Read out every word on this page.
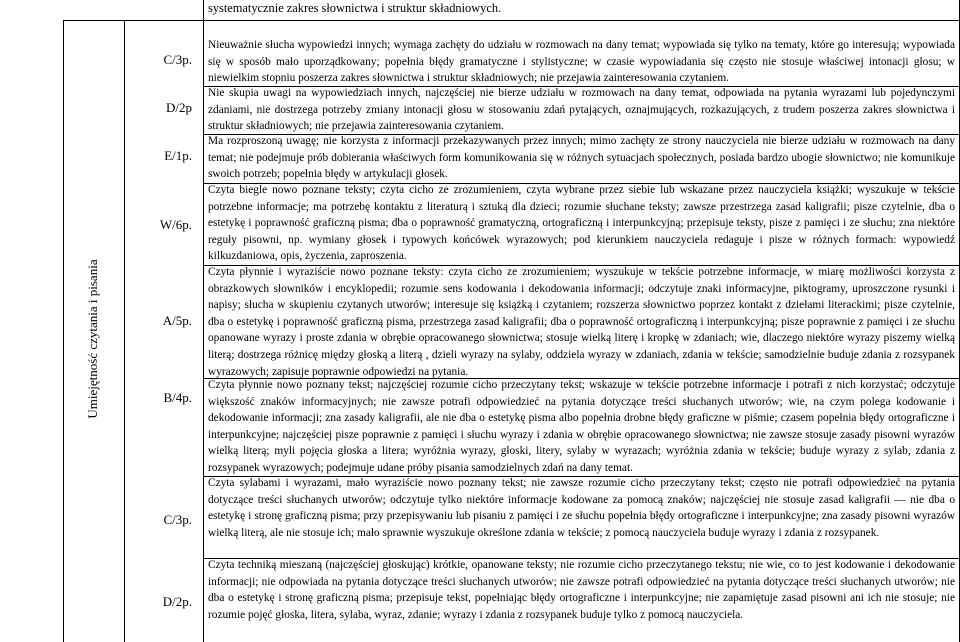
systematycznie zakres słownictwa i struktur składniowych.
Umiejętność czytania i pisania
C/3p.
D/2p
E/1p.
W/6p.
A/5p.
B/4p.
C/3p.
D/2p.
Nieuważnie słucha wypowiedzi innych; wymaga zachęty do udziału w rozmowach na dany temat; wypowiada się tylko na tematy, które go interesują; wypowiada się w sposób mało uporządkowany; popełnia błędy gramatyczne i stylistyczne; w czasie wypowiadania się często nie stosuje właściwej intonacji głosu; w niewielkim stopniu poszerza zakres słownictwa i struktur składniowych; nie przejawia zainteresowania czytaniem.
Nie skupia uwagi na wypowiedziach innych, najczęściej nie bierze udziału w rozmowach na dany temat, odpowiada na pytania wyrazami lub pojedynczymi zdaniami, nie dostrzega potrzeby zmiany intonacji głosu w stosowaniu zdań pytających, oznajmujących, rozkazujących, z trudem poszerza zakres słownictwa i struktur składniowych; nie przejawia zainteresowania czytaniem.
Ma rozproszoną uwagę; nie korzysta z informacji przekazywanych przez innych; mimo zachęty ze strony nauczyciela nie bierze udziału w rozmowach na dany temat; nie podejmuje prób dobierania właściwych form komunikowania się w różnych sytuacjach społecznych, posiada bardzo ubogie słownictwo; nie komunikuje swoich potrzeb; popełnia błędy w artykulacji głosek.
Czyta biegle nowo poznane teksty; czyta cicho ze zrozumieniem, czyta wybrane przez siebie lub wskazane przez nauczyciela książki; wyszukuje w tekście potrzebne informacje; ma potrzebę kontaktu z literaturą i sztuką dla dzieci; rozumie słuchane teksty; zawsze przestrzega zasad kaligrafii; pisze czytelnie, dba o estetykę i poprawność graficzną pisma; dba o poprawność gramatyczną, ortograficzną i interpunkcyjną; przepisuje teksty, pisze z pamięci i ze słuchu; zna niektóre reguły pisowni, np. wymiany głosek i typowych końcówek wyrazowych; pod kierunkiem nauczyciela redaguje i pisze w różnych formach: wypowiedź kilkuzdaniowa, opis, życzenia, zaproszenia.
Czyta płynnie i wyraziście nowo poznane teksty: czyta cicho ze zrozumieniem; wyszukuje w tekście potrzebne informacje, w miarę możliwości korzysta z obrazkowych słowników i encyklopedii; rozumie sens kodowania i dekodowania informacji; odczytuje znaki informacyjne, piktogramy, uproszczone rysunki i napisy; słucha w skupieniu czytanych utworów; interesuje się książką i czytaniem; rozszerza słownictwo poprzez kontakt z dziełami literackimi; pisze czytelnie, dba o estetykę i poprawność graficzną pisma, przestrzega zasad kaligrafii; dba o poprawność ortograficzną i interpunkcyjną; pisze poprawnie z pamięci i ze słuchu opanowane wyrazy i proste zdania w obrębie opracowanego słownictwa; stosuje wielką literę i kropkę w zdaniach; wie, dlaczego niektóre wyrazy piszemy wielką literą; dostrzega różnicę między głoską a literą , dzieli wyrazy na sylaby, oddziela wyrazy w zdaniach, zdania w tekście; samodzielnie buduje zdania z rozsypanek wyrazowych; zapisuje poprawnie odpowiedzi na pytania.
Czyta płynnie nowo poznany tekst; najczęściej rozumie cicho przeczytany tekst; wskazuje w tekście potrzebne informacje i potrafi z nich korzystać; odczytuje większość znaków informacyjnych; nie zawsze potrafi odpowiedzieć na pytania dotyczące treści słuchanych utworów; wie, na czym polega kodowanie i dekodowanie informacji; zna zasady kaligrafii, ale nie dba o estetykę pisma albo popełnia drobne błędy graficzne w piśmie; czasem popełnia błędy ortograficzne i interpunkcyjne; najczęściej pisze poprawnie z pamięci i słuchu wyrazy i zdania w obrębie opracowanego słownictwa; nie zawsze stosuje zasady pisowni wyrazów wielką literą; myli pojęcia głoska a litera; wyróżnia wyrazy, głoski, litery, sylaby w wyrazach; wyróżnia zdania w tekście; buduje wyrazy z sylab, zdania z rozsypanek wyrazowych; podejmuje udane próby pisania samodzielnych zdań na dany temat.
Czyta sylabami i wyrazami, mało wyraziście nowo poznany tekst; nie zawsze rozumie cicho przeczytany tekst; często nie potrafi odpowiedzieć na pytania dotyczące treści słuchanych utworów; odczytuje tylko niektóre informacje kodowane za pomocą znaków; najczęściej nie stosuje zasad kaligrafii — nie dba o estetykę i stronę graficzną pisma; przy przepisywaniu lub pisaniu z pamięci i ze słuchu popełnia błędy ortograficzne i interpunkcyjne; zna zasady pisowni wyrazów wielką literą, ale nie stosuje ich; mało sprawnie wyszukuje określone zdania w tekście; z pomocą nauczyciela buduje wyrazy i zdania z rozsypanek.
Czyta techniką mieszaną (najczęściej głoskując) krótkie, opanowane teksty; nie rozumie cicho przeczytanego tekstu; nie wie, co to jest kodowanie i dekodowanie informacji; nie odpowiada na pytania dotyczące treści słuchanych utworów; nie zawsze potrafi odpowiedzieć na pytania dotyczące treści słuchanych utworów; nie dba o estetykę i stronę graficzną pisma; przepisuje tekst, popełniając błędy ortograficzne i interpunkcyjne; nie zapamiętuje zasad pisowni ani ich nie stosuje; nie rozumie pojęć głoska, litera, sylaba, wyraz, zdanie; wyrazy i zdania z rozsypanek buduje tylko z pomocą nauczyciela.
